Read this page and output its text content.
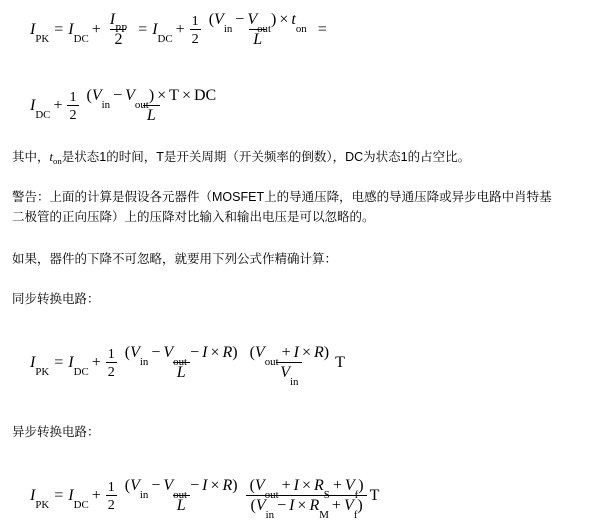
$I_{PK}$
= $I_{DC}$
+ $\frac{I_{PP}}{2} = I_{DC}$
+ $\frac{1}{2} \frac{(V_{in}- V_{out}) \times t_{on}}{L}$ =
$I_{DC}$
+ $\frac{1}{2} \frac{(V_{in}- V_{out}) \times T \times DC}{L}$
其中，$t_{on}$是状态1的时间，T是开关周期（开关频率的倒数），DC为状态1的占空比。
警告：上面的计算是假设各元器件（MOSFET上的导通压降，电感的导通压降或异步电路中肖特基
二极管的正向压降）上的压降对比输入和输出电压是可以忽略的。
如果，器件的下降不可忽略，就要用下列公式作精确计算：
同步转换电路：
$I_{PK}$
= $I_{DC}$
+ $\frac{1}{2} \frac{(V_{in}- V_{out}- I \times R)}{L} \frac{(V_{out}+ I \times R)}{V_{in}}$ T
异步转换电路：
$I_{PK}$
= $I_{DC}$
+ $\frac{1}{2} \frac{(V_{in}- V_{out}- I \times R)}{L} \frac{(V_{out}+ I \times R_S+ V_f)}{(V_{in}- I \times R_M+ V_f)}$ T
